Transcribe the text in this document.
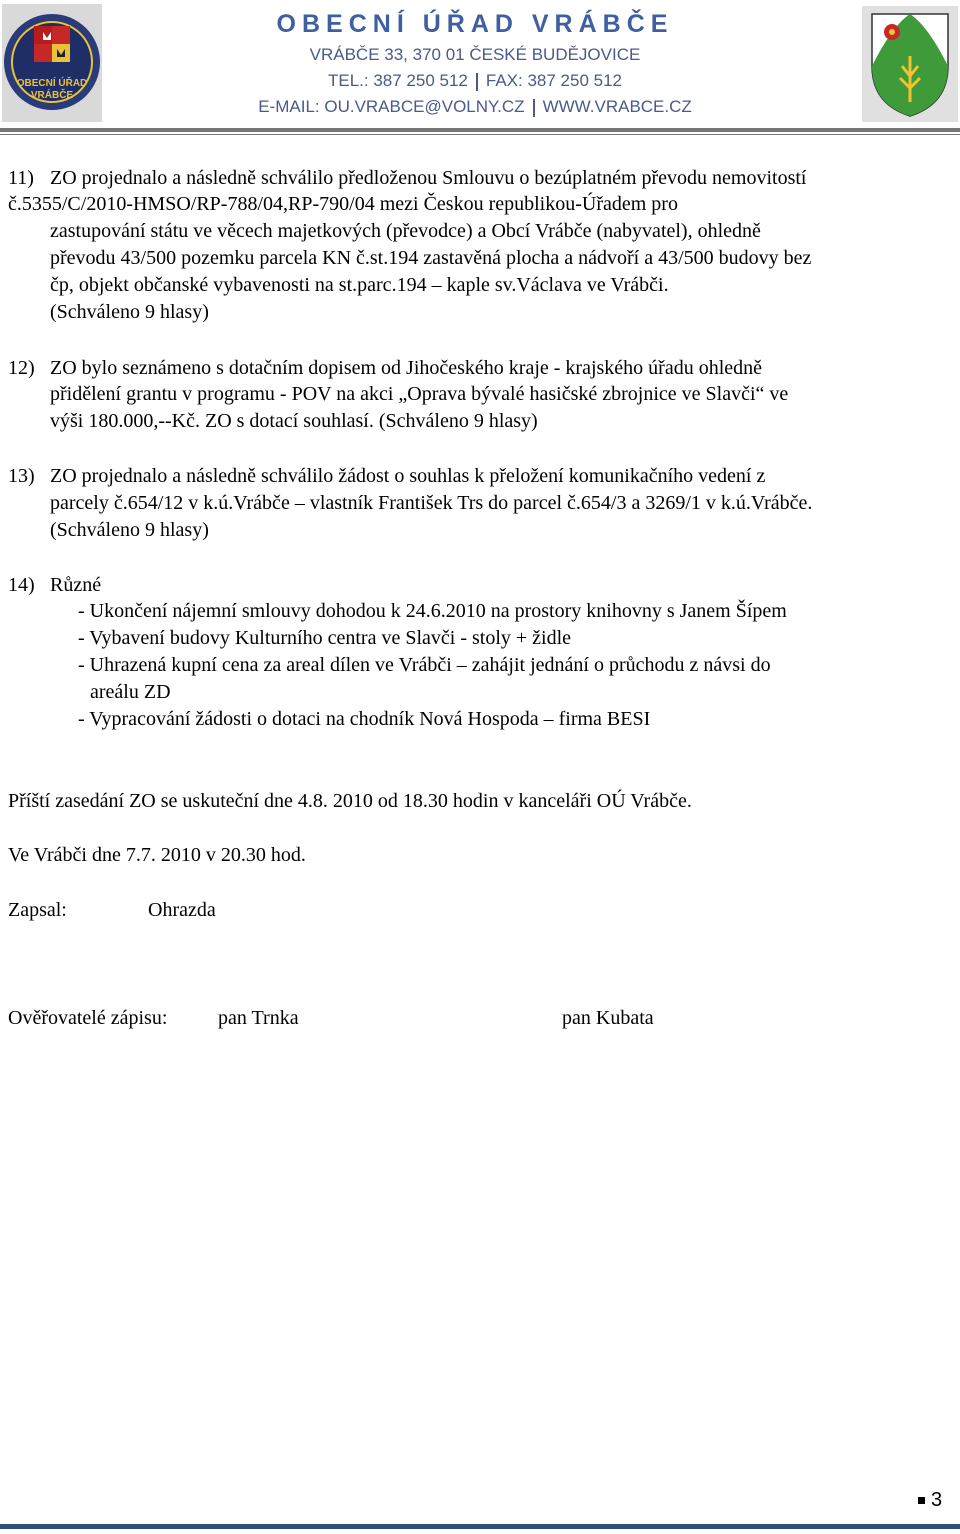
OBECNÍ ÚŘAD
VRÁBČE
OBECNÍ ÚŘAD VRÁBČE
VRÁBČE 33, 370 01 ČESKÉ BUDĚJOVICE
TEL.: 387 250 512 FAX: 387 250 512
E-MAIL: OU.VRABCE@VOLNY.CZ WWW.VRABCE.CZ
11) ZO projednalo a následně schválilo předloženou Smlouvu o bezúplatném převodu nemovitostí
č.5355/C/2010-HMSO/RP-788/04,RP-790/04 mezi Českou republikou-Úřadem pro
zastupování státu ve věcech majetkových (převodce) a Obcí Vrábče (nabyvatel), ohledně
převodu 43/500 pozemku parcela KN č.st.194 zastavěná plocha a nádvoří a 43/500 budovy bez
čp, objekt občanské vybavenosti na st.parc.194 – kaple sv.Václava ve Vrábči.
(Schváleno 9 hlasy)
12) ZO bylo seznámeno s dotačním dopisem od Jihočeského kraje - krajského úřadu ohledně
přidělení grantu v programu - POV na akci „Oprava bývalé hasičské zbrojnice ve Slavči“ ve
výši 180.000,--Kč. ZO s dotací souhlasí. (Schváleno 9 hlasy)
13) ZO projednalo a následně schválilo žádost o souhlas k přeložení komunikačního vedení z
parcely č.654/12 v k.ú.Vrábče – vlastník František Trs do parcel č.654/3 a 3269/1 v k.ú.Vrábče.
(Schváleno 9 hlasy)
14) Různé
- Ukončení nájemní smlouvy dohodou k 24.6.2010 na prostory knihovny s Janem Šípem
- Vybavení budovy Kulturního centra ve Slavči - stoly + židle
- Uhrazená kupní cena za areal dílen ve Vrábči – zahájit jednání o průchodu z návsi do
areálu ZD
- Vypracování žádosti o dotaci na chodník Nová Hospoda – firma BESI
Příští zasedání ZO se uskuteční dne 4.8. 2010 od 18.30 hodin v kanceláři OÚ Vrábče.
Ve Vrábči dne 7.7. 2010 v 20.30 hod.
Zapsal:	Ohrazda
Ověřovatelé zápisu:	pan Trnka	pan Kubata
3
